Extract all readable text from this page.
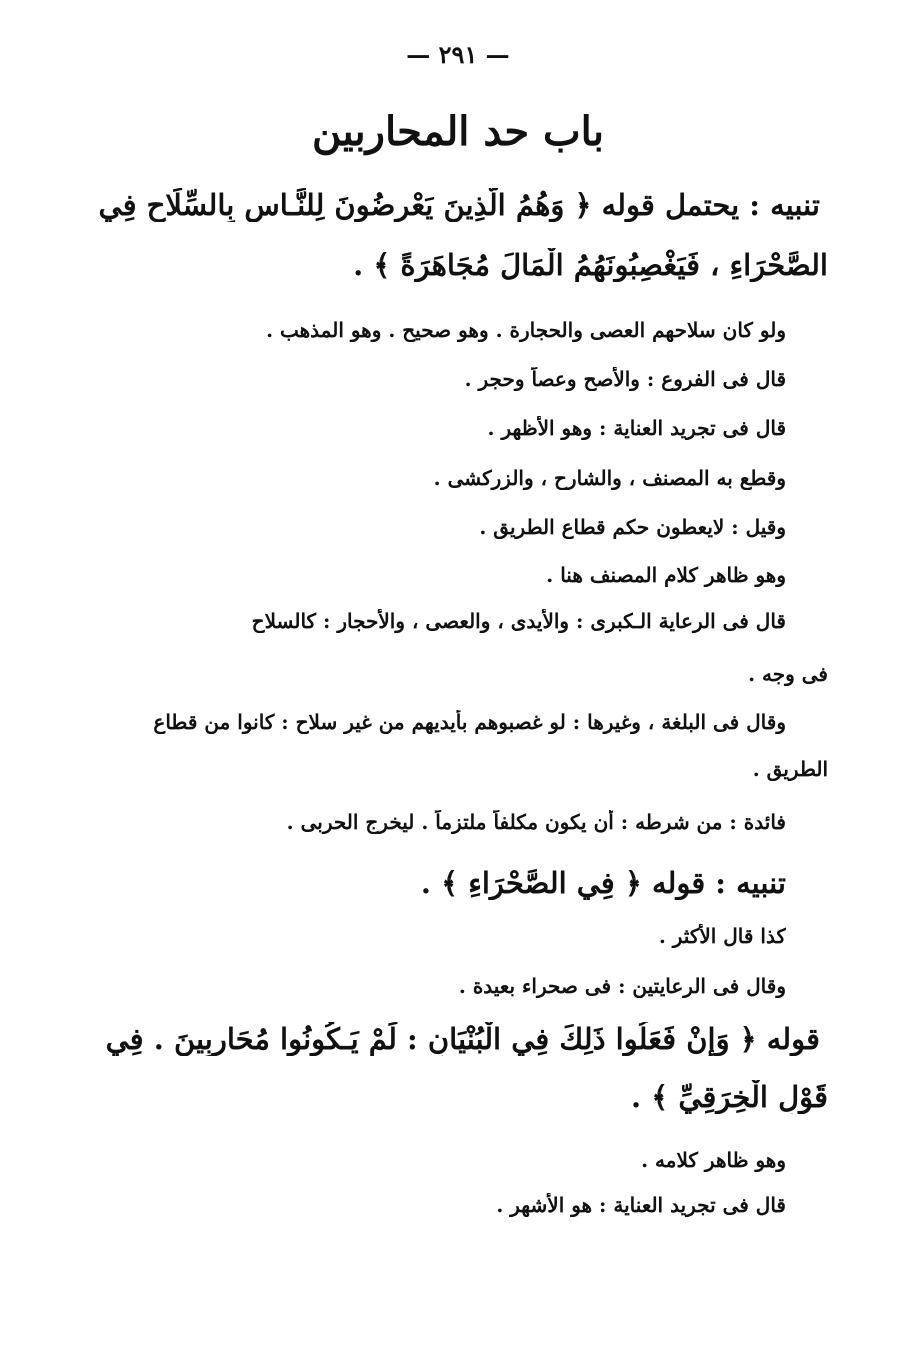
— ٢٩١ —
باب حد المحاربين
تنبيه : يحتمل قوله ﴿ وَهُمُ الَّذِينَ يَعْرِضُونَ لِلنَّـاسِ بِالسِّلَاحِ فِي
الصَّحْرَاءِ ، فَيَغْصِبُونَهُمُ الْمَالَ مُجَاهَرَةً ﴾ .
ولو كان سلاحهم العصى والحجارة . وهو صحيح . وهو المذهب .
قال فى الفروع : والأصح وعصاً وحجر .
قال فى تجريد العناية : وهو الأظهر .
وقطع به المصنف ، والشارح ، والزركشى .
وقيل : لايعطون حكم قطاع الطريق .
وهو ظاهر كلام المصنف هنا .
قال فى الرعاية الـكبرى : والأيدى ، والعصى ، والأحجار : كالسلاح
فى وجه .
وقال فى البلغة ، وغيرها : لو غصبوهم بأيديهم من غير سلاح : كانوا من قطاع
الطريق .
فائدة : من شرطه : أن يكون مكلفاً ملتزماً . ليخرج الحربى .
تنبيه : قوله ﴿ فِي الصَّحْرَاءِ ﴾ .
كذا قال الأكثر .
وقال فى الرعايتين : فى صحراء بعيدة .
قوله ﴿ وَإِنْ فَعَلُوا ذَلِكَ فِي الْبُنْيَانِ : لَمْ يَـكُونُوا مُحَارِبِينَ . فِي
قَوْلِ الْخِرَقِيِّ ﴾ .
وهو ظاهر كلامه .
قال فى تجريد العناية : هو الأشهر .
